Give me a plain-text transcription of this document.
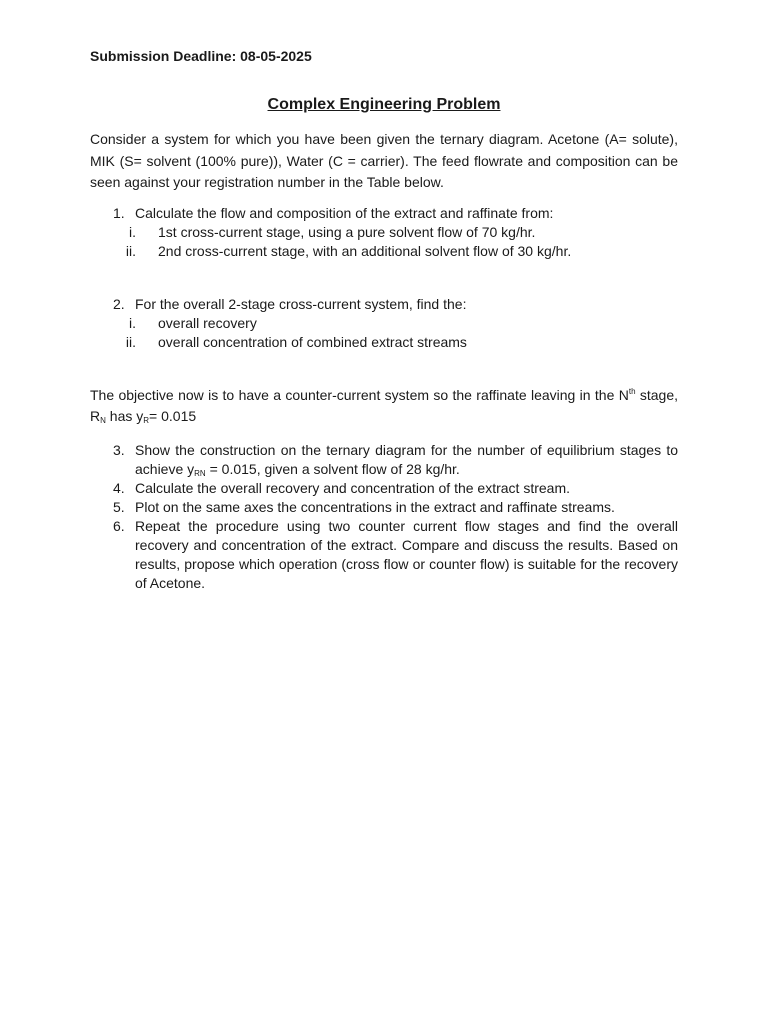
Submission Deadline: 08-05-2025

Complex Engineering Problem

Consider a system for which you have been given the ternary diagram. Acetone (A= solute), MIK (S= solvent (100% pure)), Water (C = carrier). The feed flowrate and composition can be seen against your registration number in the Table below.

1. Calculate the flow and composition of the extract and raffinate from:
i. 1st cross-current stage, using a pure solvent flow of 70 kg/hr.
ii. 2nd cross-current stage, with an additional solvent flow of 30 kg/hr.
2. For the overall 2-stage cross-current system, find the:
i. overall recovery
ii. overall concentration of combined extract streams

The objective now is to have a counter-current system so the raffinate leaving in the $N^{th}$ stage, $R_N$ has $y_R= 0.015$

3. Show the construction on the ternary diagram for the number of equilibrium stages to achieve $y_{RN} = 0.015$, given a solvent flow of 28 kg/hr.
4. Calculate the overall recovery and concentration of the extract stream.
5. Plot on the same axes the concentrations in the extract and raffinate streams.
6. Repeat the procedure using two counter current flow stages and find the overall recovery and concentration of the extract. Compare and discuss the results. Based on results, propose which operation (cross flow or counter flow) is suitable for the recovery of Acetone.
